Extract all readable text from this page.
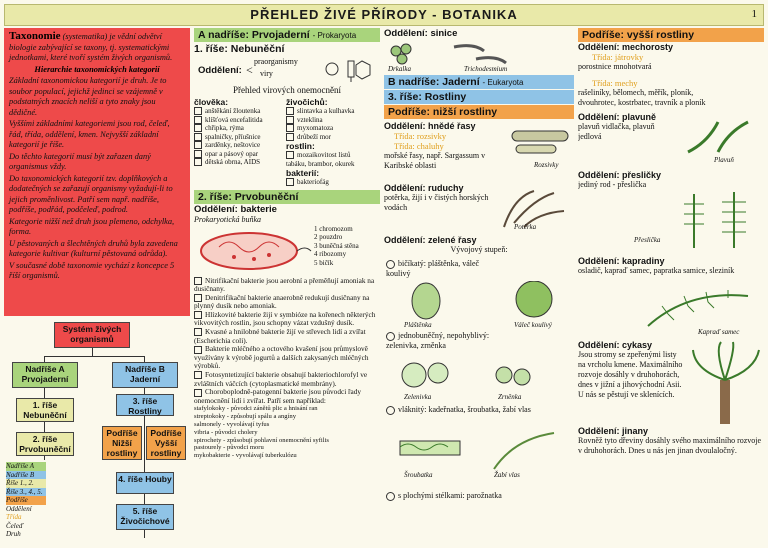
PŘEHLED ŽIVÉ PŘÍRODY - BOTANIKA	1

Taxonomie (systematika) je vědní odvětví biologie zabývající se taxony, tj. systematickými jednotkami, které tvoří systém živých organismů.

Hierarchie taxonomických kategorií

Základní taxonomickou kategorií je druh. Je to soubor populací, jejichž jedinci se vzájemně v podstatných znacích neliší a tyto znaky jsou dědičné.

Vyššími základními kategoriemi jsou rod, čeleď, řád, třída, oddělení, kmen. Nejvyšší základní kategorií je říše.

Do těchto kategorií musí být zařazen daný organismus vždy.

Do taxonomických kategorií tzv. doplňkových a dodatečných se zařazují organismy vyžadují-li to jejich proměnlivost. Patří sem např. nadříše, podříše, podřád, podčeleď, podrod.

Kategorie nižší než druh jsou plemeno, odchylka, forma.

U pěstovaných a šlechtěných druhů byla zavedena kategorie kultivar (kulturní pěstovaná odrůda).

V současné době taxonomie vychází z koncepce 5 říší organismů.

Systém živých organismů
Nadříše A Prvojaderní
Nadříše B Jaderní
1. říše Nebuněční
2. říše Prvobuněční
3. říše Rostliny
Podříše Nižší rostliny
Podříše Vyšší rostliny
4. říše Houby
5. říše Živočichové
Nadříše A
Nadříše B
Říše 1., 2.
Říše 3., 4., 5.
Podříše
Oddělení
Třída
Čeleď
Druh
A nadříše: Prvojaderní - Prokaryota
1. říše: Nebuněční
Oddělení: <
praorganismy
viry
Přehled virových onemocnění
člověka:
anštěkání žloutenka
klíšťová encefalitida
chřipka, rýma
spalničky, příušnice
zarděnky, neštovice
opar a pásový opar
dětská obrna, AIDS
živočichů:
slintavka a kulhavka
vzteklina
myxomatoza
drůbeží mor
rostlin:
mozaikovitost listů
tabáku, brambor, okurek
bakterií:
bakteriofág
2. říše: Prvobuněční
Oddělení: bakterie
Prokaryotická buňka
1 chromozom
2 pouzdro
3 buněčná stěna
4 ribozomy
5 bičík
Nitrifikační bakterie jsou aerobní a přeměňují amoniak na dusičnany.
Denitrifikační bakterie anaerobně redukují dusičnany na plynný dusík nebo amoniak.
Hlízkovité bakterie žijí v symbióze na kořenech některých vikvovitých rostlin, jsou schopny vázat vzdušný dusík.
Kvasné a hnilobné bakterie žijí ve střevech lidí a zvířat (Escherichia coli).
Bakterie mléčného a octového kvašení jsou průmyslově využívány k výrobě jogurtů a dalších zakysaných mléčných výrobků.
Fotosyntetizující bakterie obsahují bakteriochlorofyl ve zvláštních váčcích (cytoplasmatické membrány).
Choroboplodně-patogenní bakterie jsou původci řady onemocnění lidí i zvířat. Patří sem například:
stafylokoky - původci zánětů plic a hnisání ran
streptokoky - způsobují spálu a angíny
salmonely - vyvolávají tyfus
vibria - původci cholery
spirochety - způsobují pohlavní onemocnění syfilis
pastourely - původci moru
mykobakterie - vyvolávají tuberkulózu
Oddělení: sinice
Drkalka	Trichodesmium
B nadříše: Jaderní - Eukaryota
3. říše: Rostliny
Podříše: nižší rostliny
Oddělení: hnědé řasy
Třída: rozsivky
Třída: chaluhy
mořské řasy, např. Sargassum v Karibské oblasti	Rozsivky
Oddělení: ruduchy
potěrka, žijí i v čistých horských vodách
Potěrka
Oddělení: zelené řasy
Vývojový stupeň:
bičíkatý: pláštěnka, váleč koulivý
Pláštěnka	Váleč koulivý
jednobuněčný, nepohyblivý: zelenivka, zrněnka
Zelenivka	Zrněnka
vláknitý: kadeřnatka, šroubatka, žabí vlas
Šroubatka	Žabí vlas
s plochými stélkami: parožnatka
Podříše: vyšší rostliny
Oddělení: mechorosty
Třída: játrovky
porostnice mnohotvará
Třída: mechy
rašeliníky, bělomech, měřík, ploník, dvouhrotec, kostrbatec, travník a ploník
Oddělení: plavuně
plavuň vidlačka, plavuň jedlová
Plavuň
Oddělení: přesličky
jediný rod - přeslička
Přeslička
Oddělení: kapradiny
osladič, kapraď samec, papratka samice, sleziník
Kapraď samec
Oddělení: cykasy
Jsou stromy se zpeřenými listy na vrcholu kmene. Maximálního rozvoje dosáhly v druhohorách, dnes v jižní a jihovýchodní Asii. U nás se pěstují ve sklenících.
Oddělení: jinany
Rovněž tyto dřeviny dosáhly svého maximálního rozvoje v druhohorách. Dnes u nás jen jinan dvoulaločný.
